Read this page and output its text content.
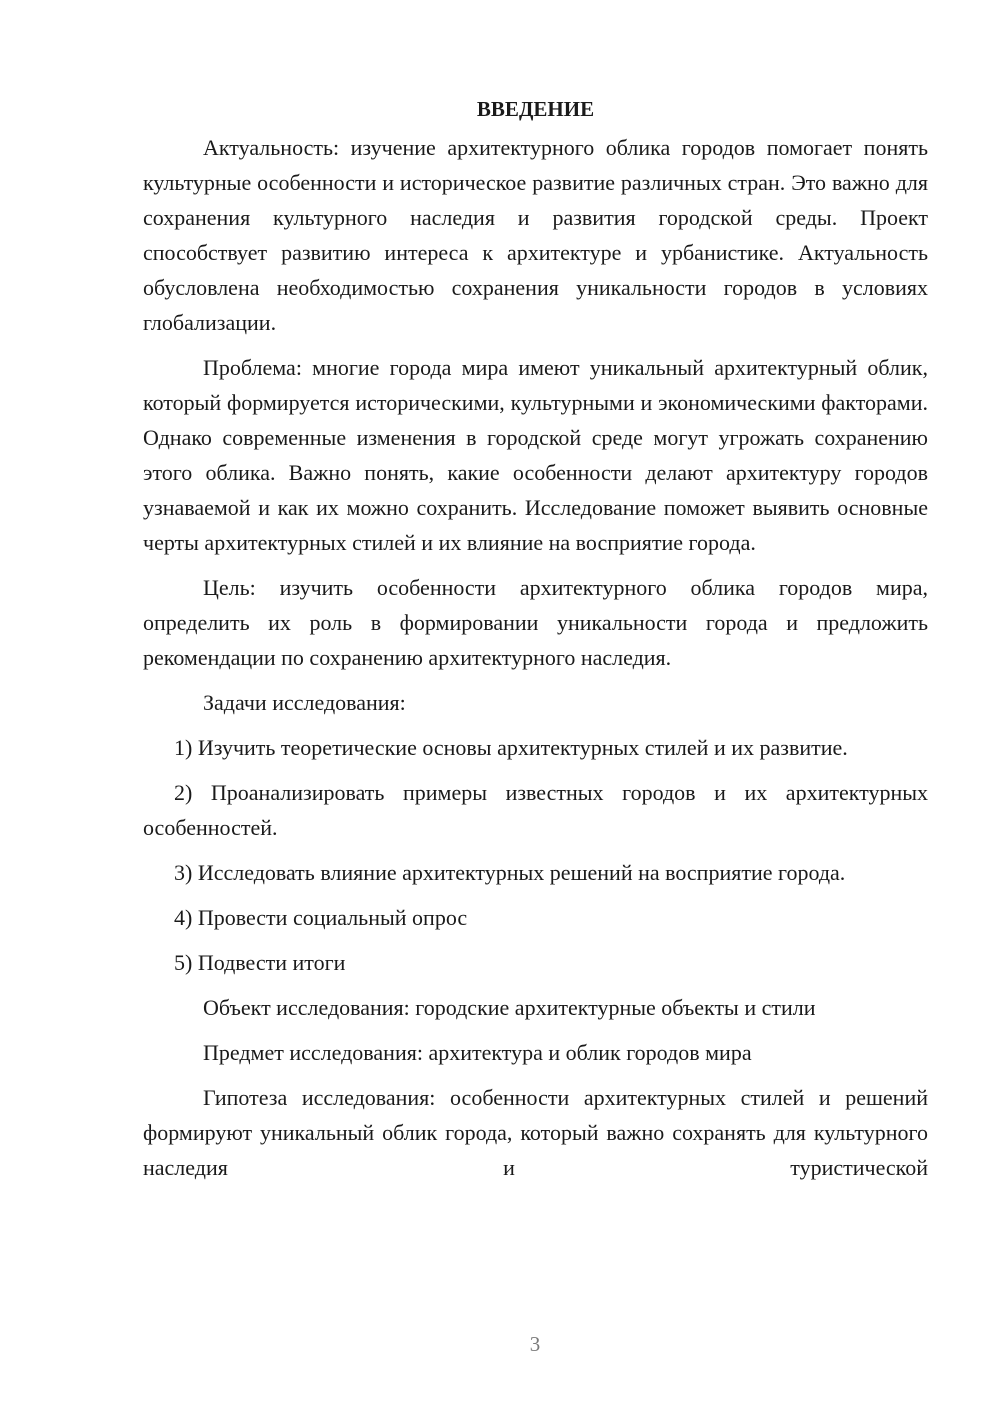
ВВЕДЕНИЕ

Актуальность: изучение архитектурного облика городов помогает понять культурные особенности и историческое развитие различных стран. Это важно для сохранения культурного наследия и развития городской среды. Проект способствует развитию интереса к архитектуре и урбанистике. Актуальность обусловлена необходимостью сохранения уникальности городов в условиях глобализации.

Проблема: многие города мира имеют уникальный архитектурный облик, который формируется историческими, культурными и экономическими факторами. Однако современные изменения в городской среде могут угрожать сохранению этого облика. Важно понять, какие особенности делают архитектуру городов узнаваемой и как их можно сохранить. Исследование поможет выявить основные черты архитектурных стилей и их влияние на восприятие города.

Цель: изучить особенности архитектурного облика городов мира, определить их роль в формировании уникальности города и предложить рекомендации по сохранению архитектурного наследия.

Задачи исследования:

1) Изучить теоретические основы архитектурных стилей и их развитие.

2) Проанализировать примеры известных городов и их архитектурных особенностей.

3) Исследовать влияние архитектурных решений на восприятие города.

4) Провести социальный опрос

5) Подвести итоги

Объект исследования: городские архитектурные объекты и стили

Предмет исследования: архитектура и облик городов мира

Гипотеза исследования: особенности архитектурных стилей и решений формируют уникальный облик города, который важно сохранять для культурного наследия и туристической

3
